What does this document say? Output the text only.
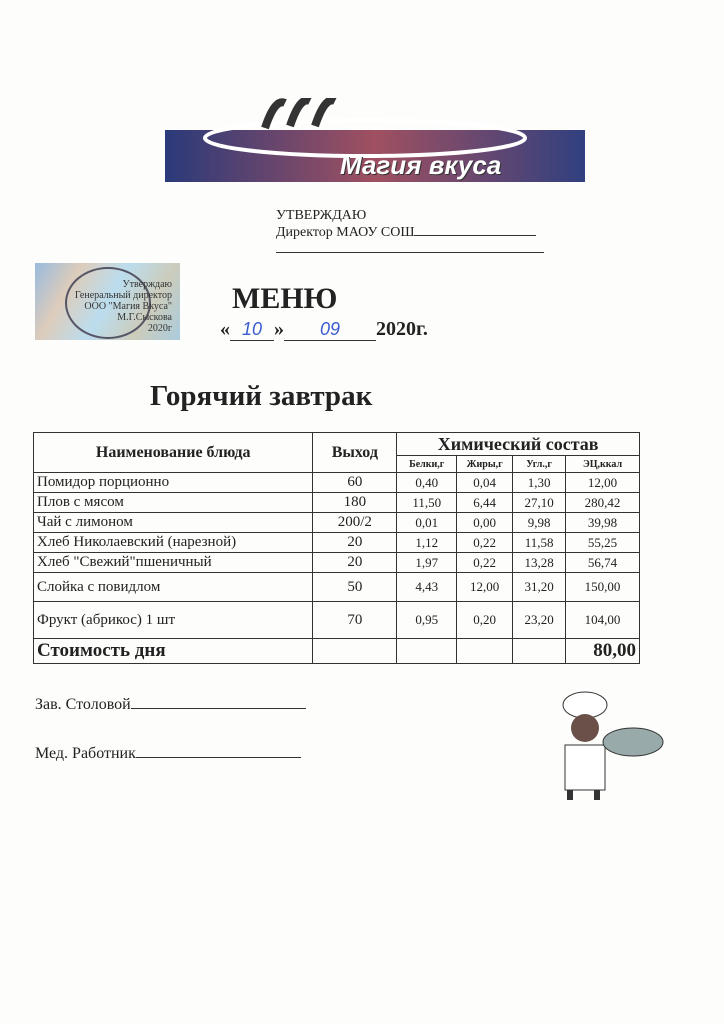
Магия вкуса
УТВЕРЖДАЮ
Директор МАОУ СОШ
Утверждаю
Генеральный директор
ООО "Магия Вкуса"
М.Г.Сыскова
2020г
МЕНЮ
« 10 » 09 2020г.
Горячий завтрак
Наименование блюда	Выход	Химический состав			
		Белки,г	Жиры,г	Угл.,г	ЭЦ,ккал
Помидор порционно	60	0,40	0,04	1,30	12,00
Плов с мясом	180	11,50	6,44	27,10	280,42
Чай с лимоном	200/2	0,01	0,00	9,98	39,98
Хлеб Николаевский (нарезной)	20	1,12	0,22	11,58	55,25
Хлеб "Свежий"пшеничный	20	1,97	0,22	13,28	56,74
Слойка с повидлом	50	4,43	12,00	31,20	150,00
Фрукт (абрикос) 1 шт	70	0,95	0,20	23,20	104,00
Стоимость дня					80,00
Зав. Столовой
Мед. Работник
